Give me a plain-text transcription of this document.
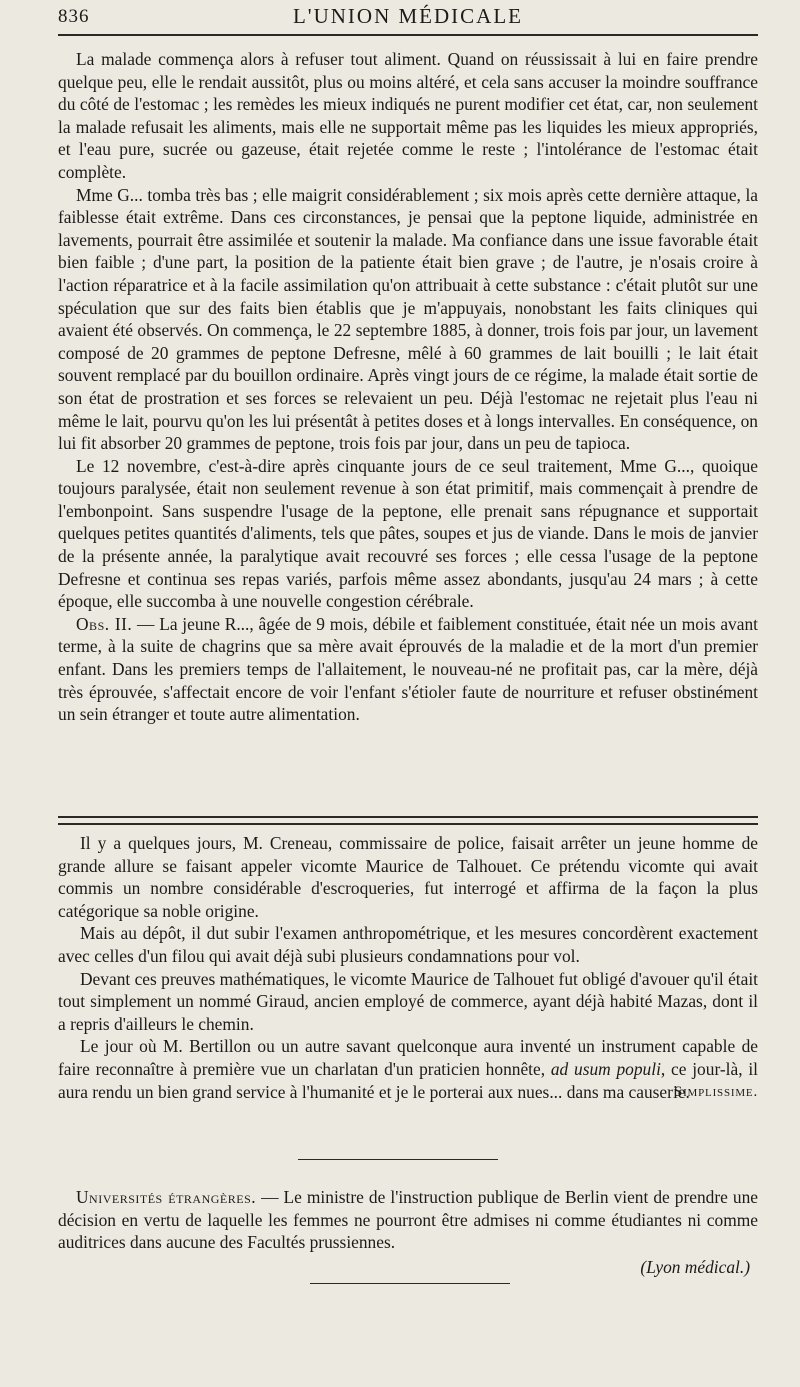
836	L'UNION MÉDICALE

La malade commença alors à refuser tout aliment. Quand on réussissait à lui en faire prendre quelque peu, elle le rendait aussitôt, plus ou moins altéré, et cela sans accuser la moindre souffrance du côté de l'estomac ; les remèdes les mieux indiqués ne purent modifier cet état, car, non seulement la malade refusait les aliments, mais elle ne supportait même pas les liquides les mieux appropriés, et l'eau pure, sucrée ou gazeuse, était rejetée comme le reste ; l'intolérance de l'estomac était complète.

Mme G... tomba très bas ; elle maigrit considérablement ; six mois après cette dernière attaque, la faiblesse était extrême. Dans ces circonstances, je pensai que la peptone liquide, administrée en lavements, pourrait être assimilée et soutenir la malade. Ma confiance dans une issue favorable était bien faible ; d'une part, la position de la patiente était bien grave ; de l'autre, je n'osais croire à l'action réparatrice et à la facile assimilation qu'on attribuait à cette substance : c'était plutôt sur une spéculation que sur des faits bien établis que je m'appuyais, nonobstant les faits cliniques qui avaient été observés. On commença, le 22 septembre 1885, à donner, trois fois par jour, un lavement composé de 20 grammes de peptone Defresne, mêlé à 60 grammes de lait bouilli ; le lait était souvent remplacé par du bouillon ordinaire. Après vingt jours de ce régime, la malade était sortie de son état de prostration et ses forces se relevaient un peu. Déjà l'estomac ne rejetait plus l'eau ni même le lait, pourvu qu'on les lui présentât à petites doses et à longs intervalles. En conséquence, on lui fit absorber 20 grammes de peptone, trois fois par jour, dans un peu de tapioca.

Le 12 novembre, c'est-à-dire après cinquante jours de ce seul traitement, Mme G..., quoique toujours paralysée, était non seulement revenue à son état primitif, mais commençait à prendre de l'embonpoint. Sans suspendre l'usage de la peptone, elle prenait sans répugnance et supportait quelques petites quantités d'aliments, tels que pâtes, soupes et jus de viande. Dans le mois de janvier de la présente année, la paralytique avait recouvré ses forces ; elle cessa l'usage de la peptone Defresne et continua ses repas variés, parfois même assez abondants, jusqu'au 24 mars ; à cette époque, elle succomba à une nouvelle congestion cérébrale.

Obs. II. — La jeune R..., âgée de 9 mois, débile et faiblement constituée, était née un mois avant terme, à la suite de chagrins que sa mère avait éprouvés de la maladie et de la mort d'un premier enfant. Dans les premiers temps de l'allaitement, le nouveau-né ne profitait pas, car la mère, déjà très éprouvée, s'affectait encore de voir l'enfant s'étioler faute de nourriture et refuser obstinément un sein étranger et toute autre alimentation.

Il y a quelques jours, M. Creneau, commissaire de police, faisait arrêter un jeune homme de grande allure se faisant appeler vicomte Maurice de Talhouet. Ce prétendu vicomte qui avait commis un nombre considérable d'escroqueries, fut interrogé et affirma de la façon la plus catégorique sa noble origine.

Mais au dépôt, il dut subir l'examen anthropométrique, et les mesures concordèrent exactement avec celles d'un filou qui avait déjà subi plusieurs condamnations pour vol.

Devant ces preuves mathématiques, le vicomte Maurice de Talhouet fut obligé d'avouer qu'il était tout simplement un nommé Giraud, ancien employé de commerce, ayant déjà habité Mazas, dont il a repris d'ailleurs le chemin.

Le jour où M. Bertillon ou un autre savant quelconque aura inventé un instrument capable de faire reconnaître à première vue un charlatan d'un praticien honnête, ad usum populi, ce jour-là, il aura rendu un bien grand service à l'humanité et je le porterai aux nues... dans ma causerie.

Simplissime.

Universités étrangères. — Le ministre de l'instruction publique de Berlin vient de prendre une décision en vertu de laquelle les femmes ne pourront être admises ni comme étudiantes ni comme auditrices dans aucune des Facultés prussiennes.

(Lyon médical.)
